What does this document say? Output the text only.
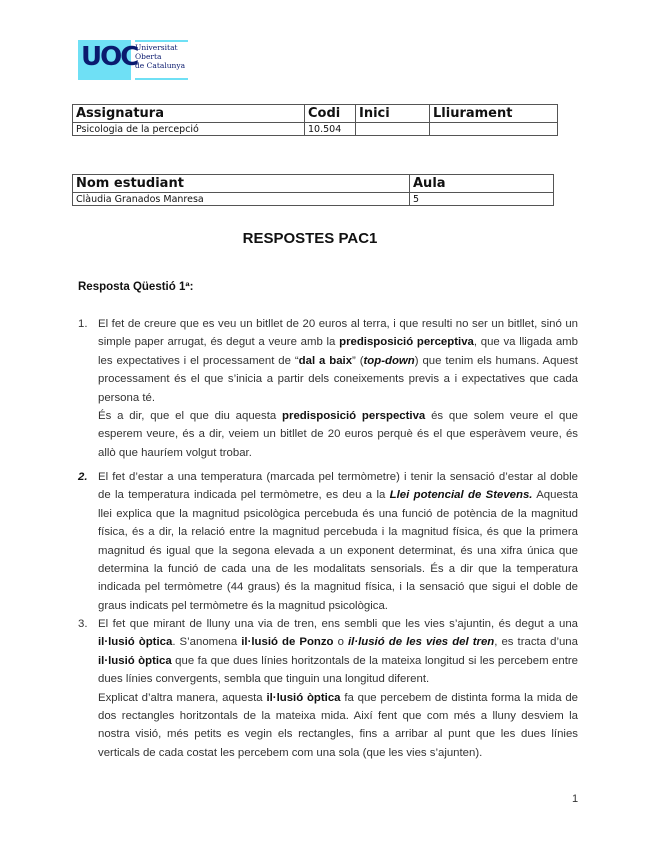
UOC
Universitat
Oberta
de Catalunya
Assignatura	Codi	Inici	Lliurament
Psicologia de la percepció	10.504		
Nom estudiant	Aula
Clàudia Granados Manresa	5
RESPOSTES PAC1
Resposta Qüestió 1ª:
1. El fet de creure que es veu un bitllet de 20 euros al terra, i que resulti no ser un bitllet, sinó un simple paper arrugat, és degut a veure amb la predisposició perceptiva, que va lligada amb les expectatives i el processament de “dal a baix” (top-down) que tenim els humans. Aquest processament és el que s’inicia a partir dels coneixements previs a i expectatives que cada persona té.

És a dir, que el que diu aquesta predisposició perspectiva és que solem veure el que esperem veure, és a dir, veiem un bitllet de 20 euros perquè és el que esperàvem veure, és allò que hauríem volgut trobar.

2. El fet d’estar a una temperatura (marcada pel termòmetre) i tenir la sensació d’estar al doble de la temperatura indicada pel termòmetre, es deu a la Llei potencial de Stevens. Aquesta llei explica que la magnitud psicològica percebuda és una funció de potència de la magnitud física, és a dir, la relació entre la magnitud percebuda i la magnitud física, és que la primera magnitud és igual que la segona elevada a un exponent determinat, és una xifra única que determina la funció de cada una de les modalitats sensorials. És a dir que la temperatura indicada pel termòmetre (44 graus) és la magnitud física, i la sensació que sigui el doble de graus indicats pel termòmetre és la magnitud psicològica.

3. El fet que mirant de lluny una via de tren, ens sembli que les vies s’ajuntin, és degut a una il·lusió òptica. S’anomena il·lusió de Ponzo o il·lusió de les vies del tren, es tracta d’una il·lusió òptica que fa que dues línies horitzontals de la mateixa longitud si les percebem entre dues línies convergents, sembla que tinguin una longitud diferent.

Explicat d’altra manera, aquesta il·lusió òptica fa que percebem de distinta forma la mida de dos rectangles horitzontals de la mateixa mida. Així fent que com més a lluny desviem la nostra visió, més petits es vegin els rectangles, fins a arribar al punt que les dues línies verticals de cada costat les percebem com una sola (que les vies s’ajunten).

1
